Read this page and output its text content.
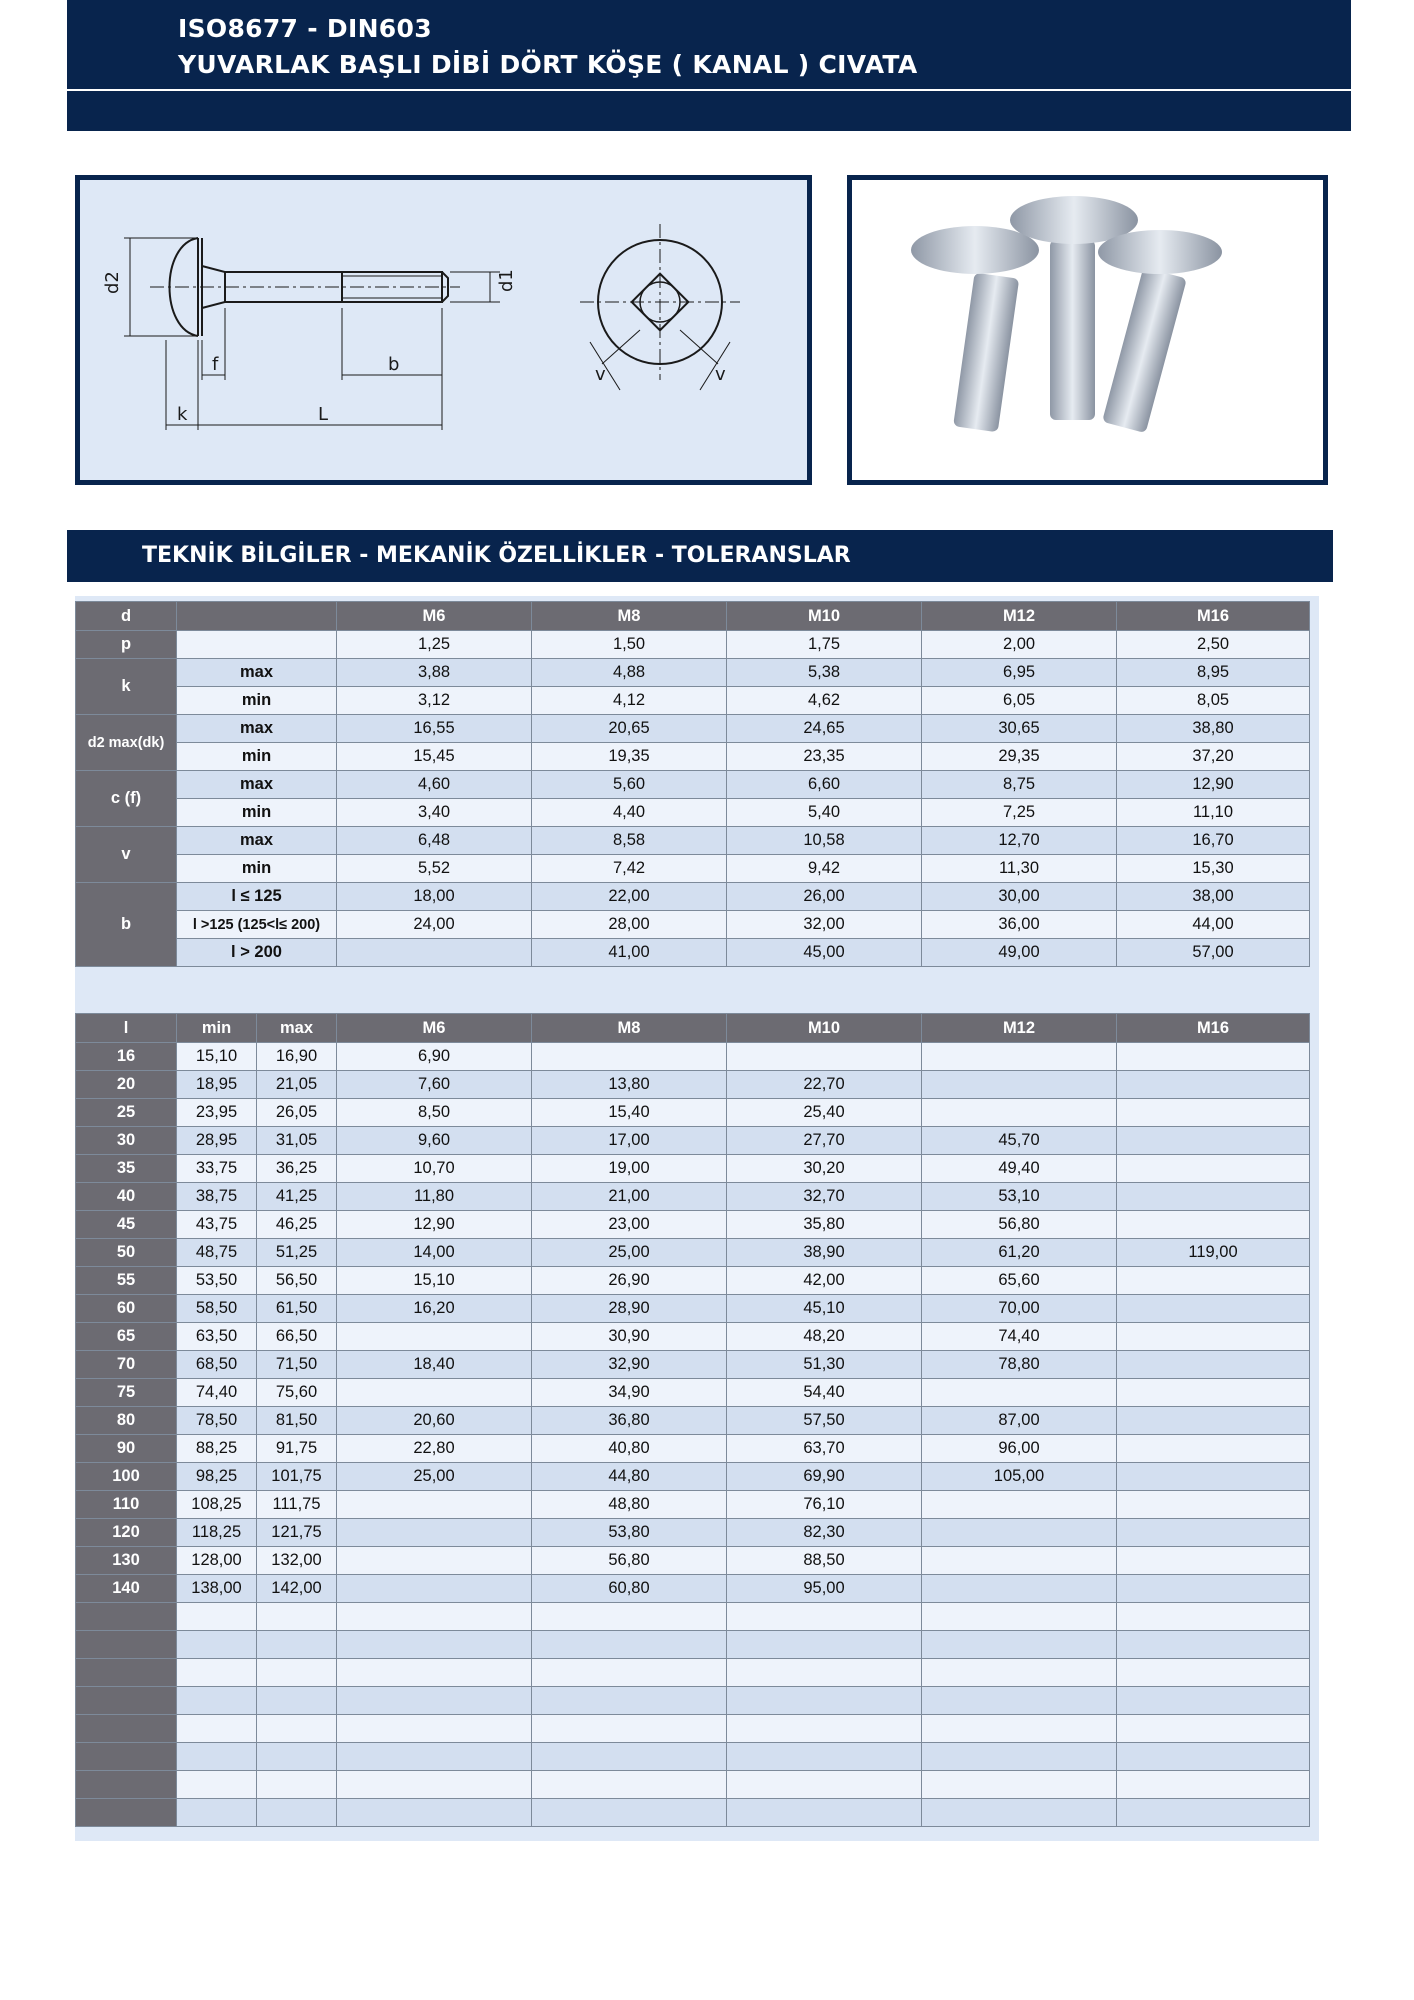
ISO8677 - DIN603
YUVARLAK BAŞLI DİBİ DÖRT KÖŞE ( KANAL ) CIVATA
d2	d1
f	b
k	L
v	v
TEKNİK BİLGİLER - MEKANİK ÖZELLİKLER - TOLERANSLAR
d		M6	M8	M10	M12	M16
p		1,25	1,50	1,75	2,00	2,50
k	max	3,88	4,88	5,38	6,95	8,95
	min	3,12	4,12	4,62	6,05	8,05
d2 max(dk)	max	16,55	20,65	24,65	30,65	38,80
	min	15,45	19,35	23,35	29,35	37,20
c (f)	max	4,60	5,60	6,60	8,75	12,90
	min	3,40	4,40	5,40	7,25	11,10
v	max	6,48	8,58	10,58	12,70	16,70
	min	5,52	7,42	9,42	11,30	15,30
b	l ≤ 125	18,00	22,00	26,00	30,00	38,00
	l >125 (125<l≤ 200)	24,00	28,00	32,00	36,00	44,00
	l > 200		41,00	45,00	49,00	57,00
l	min	max	M6	M8	M10	M12	M16
16	15,10	16,90	6,90				
20	18,95	21,05	7,60	13,80	22,70		
25	23,95	26,05	8,50	15,40	25,40		
30	28,95	31,05	9,60	17,00	27,70	45,70	
35	33,75	36,25	10,70	19,00	30,20	49,40	
40	38,75	41,25	11,80	21,00	32,70	53,10	
45	43,75	46,25	12,90	23,00	35,80	56,80	
50	48,75	51,25	14,00	25,00	38,90	61,20	119,00
55	53,50	56,50	15,10	26,90	42,00	65,60	
60	58,50	61,50	16,20	28,90	45,10	70,00	
65	63,50	66,50		30,90	48,20	74,40	
70	68,50	71,50	18,40	32,90	51,30	78,80	
75	74,40	75,60		34,90	54,40		
80	78,50	81,50	20,60	36,80	57,50	87,00	
90	88,25	91,75	22,80	40,80	63,70	96,00	
100	98,25	101,75	25,00	44,80	69,90	105,00	
110	108,25	111,75		48,80	76,10		
120	118,25	121,75		53,80	82,30		
130	128,00	132,00		56,80	88,50		
140	138,00	142,00		60,80	95,00		
